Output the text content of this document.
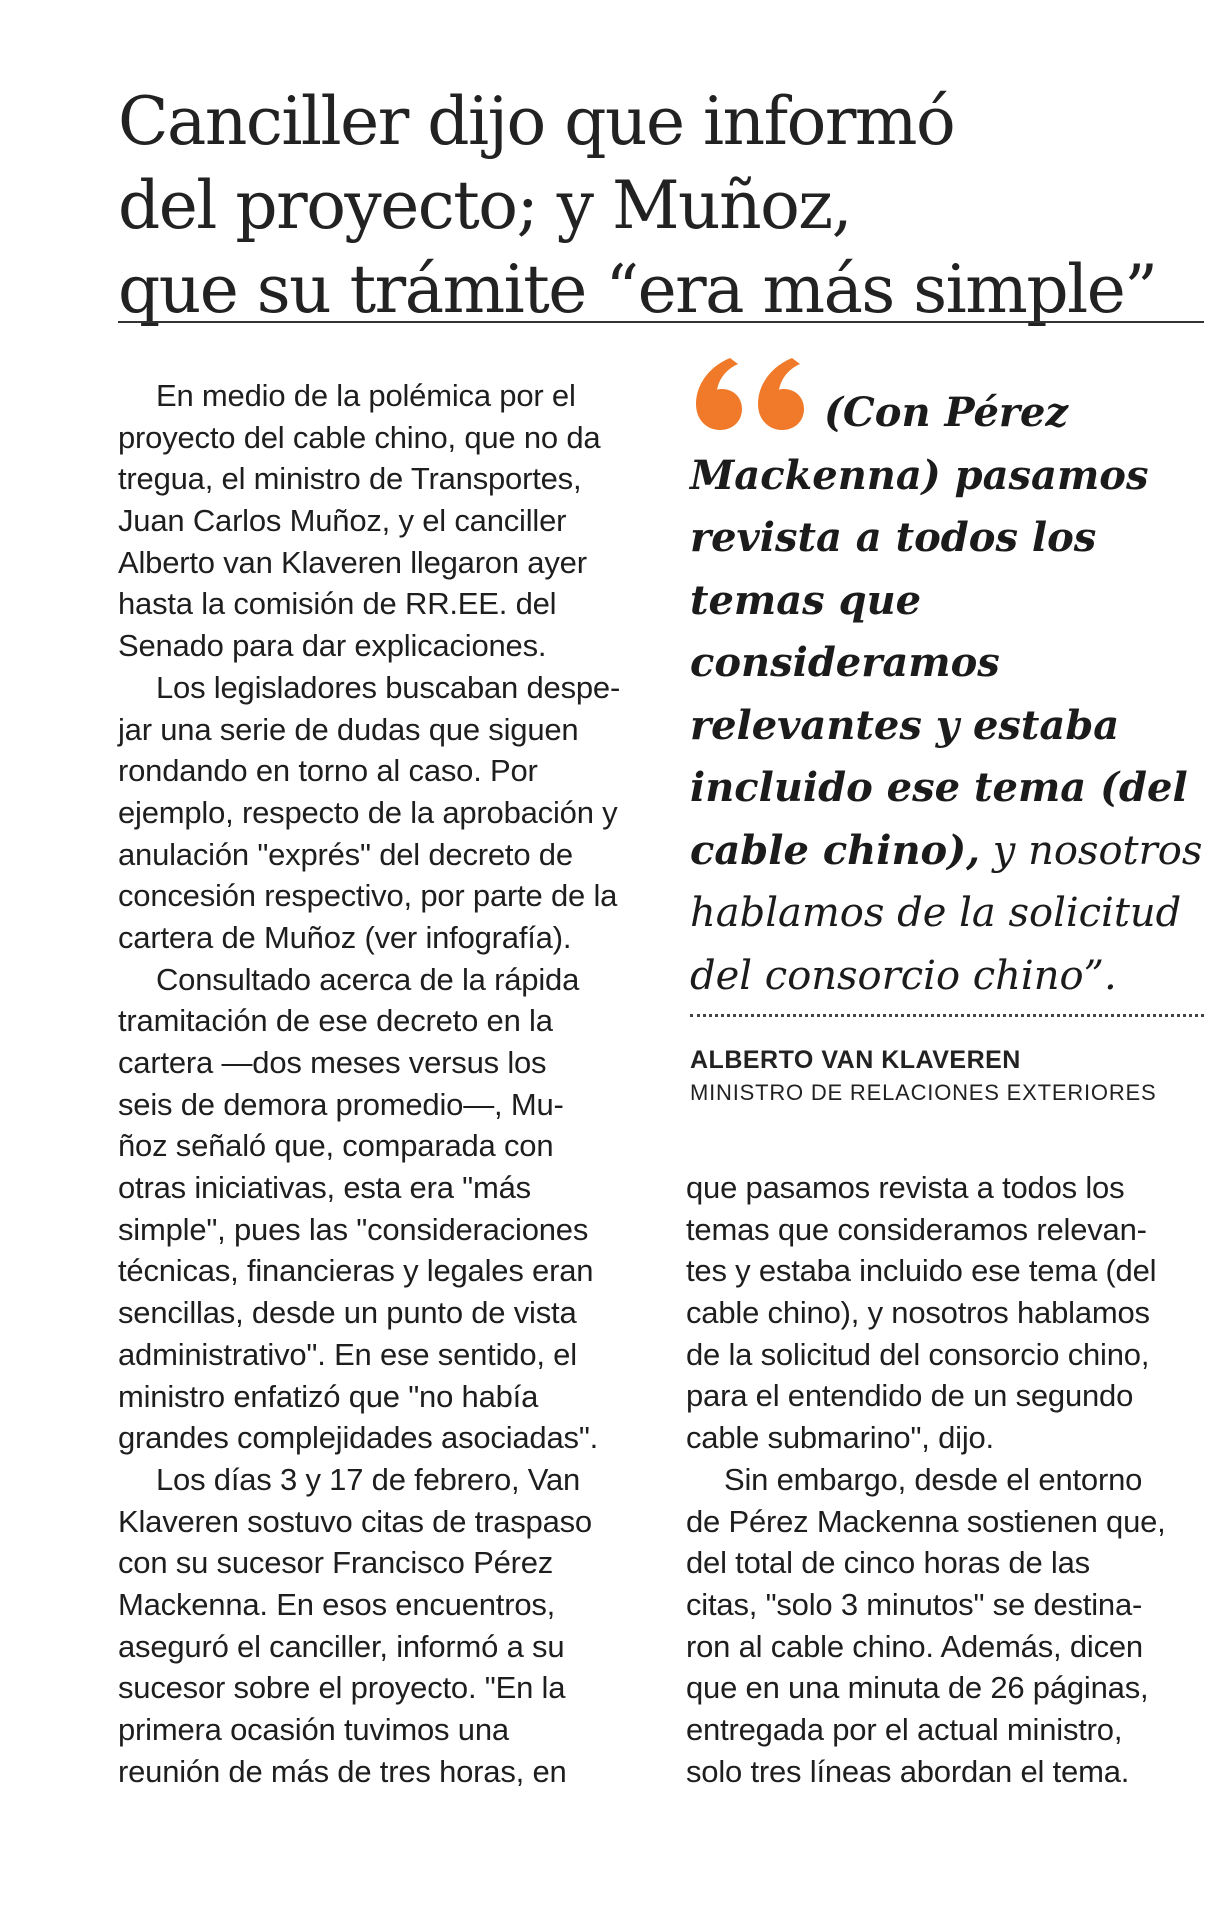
Canciller dijo que informó
del proyecto; y Muñoz,
que su trámite “era más simple”
En medio de la polémica por el
proyecto del cable chino, que no da
tregua, el ministro de Transportes,
Juan Carlos Muñoz, y el canciller
Alberto van Klaveren llegaron ayer
hasta la comisión de RR.EE. del
Senado para dar explicaciones.
Los legisladores buscaban despe-
jar una serie de dudas que siguen
rondando en torno al caso. Por
ejemplo, respecto de la aprobación y
anulación "exprés" del decreto de
concesión respectivo, por parte de la
cartera de Muñoz (ver infografía).
Consultado acerca de la rápida
tramitación de ese decreto en la
cartera —dos meses versus los
seis de demora promedio—, Mu-
ñoz señaló que, comparada con
otras iniciativas, esta era "más
simple", pues las "consideraciones
técnicas, financieras y legales eran
sencillas, desde un punto de vista
administrativo". En ese sentido, el
ministro enfatizó que "no había
grandes complejidades asociadas".
Los días 3 y 17 de febrero, Van
Klaveren sostuvo citas de traspaso
con su sucesor Francisco Pérez
Mackenna. En esos encuentros,
aseguró el canciller, informó a su
sucesor sobre el proyecto. "En la
primera ocasión tuvimos una
reunión de más de tres horas, en
(Con Pérez
Mackenna) pasamos
revista a todos los
temas que
consideramos
relevantes y estaba
incluido ese tema (del
cable chino), y nosotros
hablamos de la solicitud
del consorcio chino”.
ALBERTO VAN KLAVEREN
MINISTRO DE RELACIONES EXTERIORES
que pasamos revista a todos los
temas que consideramos relevan-
tes y estaba incluido ese tema (del
cable chino), y nosotros hablamos
de la solicitud del consorcio chino,
para el entendido de un segundo
cable submarino", dijo.
Sin embargo, desde el entorno
de Pérez Mackenna sostienen que,
del total de cinco horas de las
citas, "solo 3 minutos" se destina-
ron al cable chino. Además, dicen
que en una minuta de 26 páginas,
entregada por el actual ministro,
solo tres líneas abordan el tema.
